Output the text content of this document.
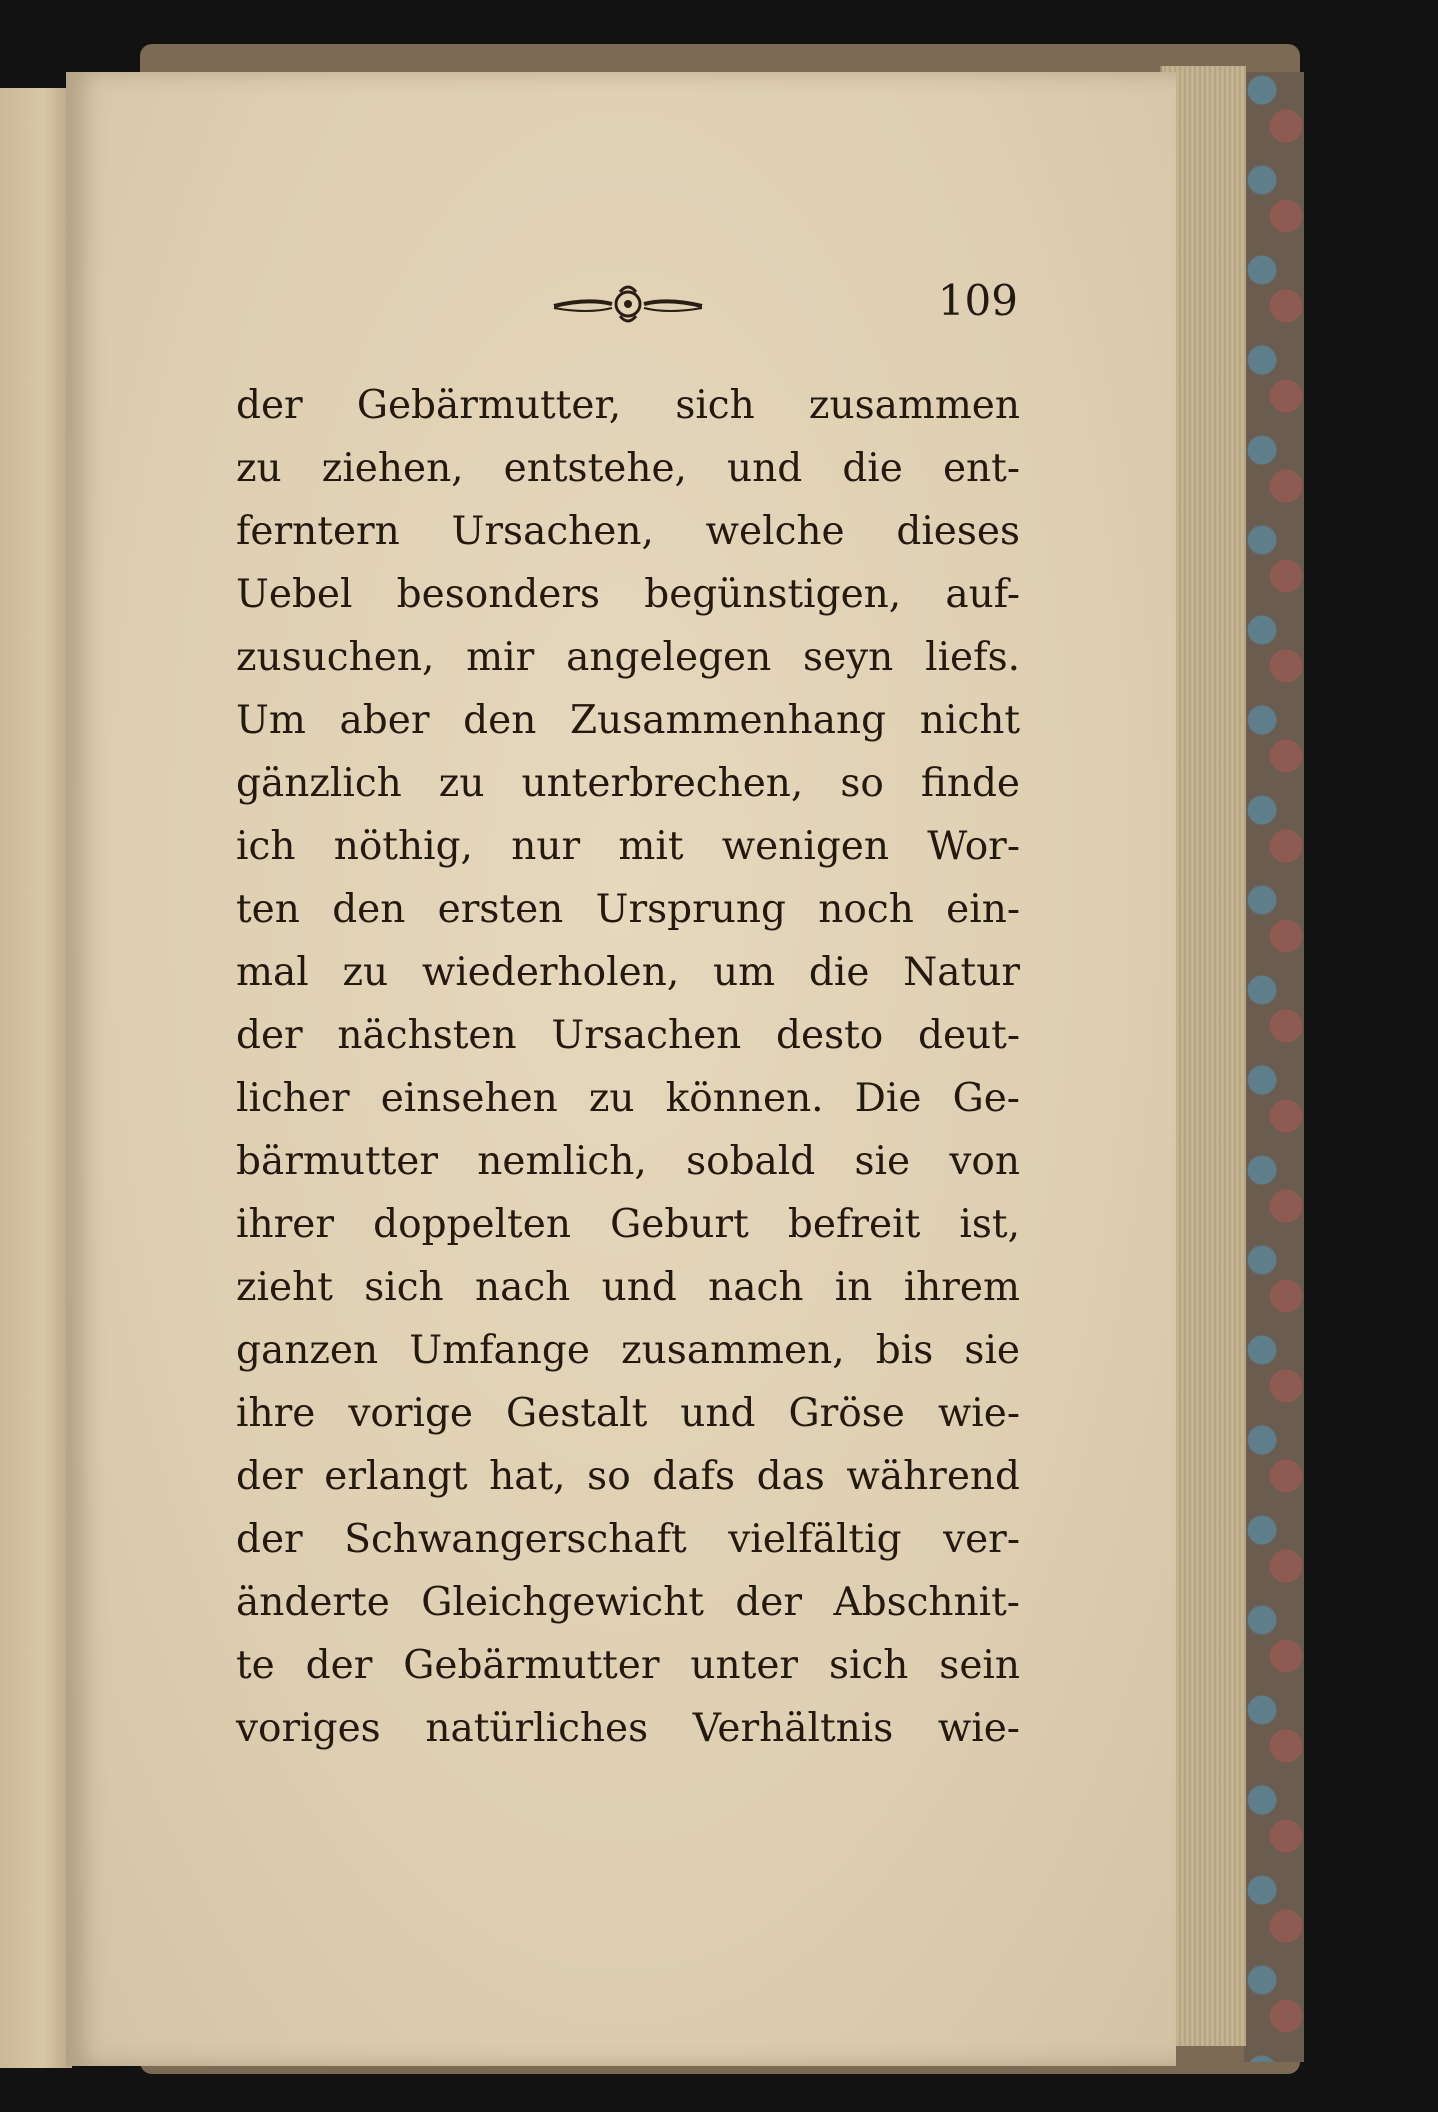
109
der Gebärmutter, sich zusammen
zu ziehen, entstehe, und die ent-
ferntern Ursachen, welche dieses
Uebel besonders begünstigen, auf-
zusuchen, mir angelegen seyn liefs.
Um aber den Zusammenhang nicht
gänzlich zu unterbrechen, so finde
ich nöthig, nur mit wenigen Wor-
ten den ersten Ursprung noch ein-
mal zu wiederholen, um die Natur
der nächsten Ursachen desto deut-
licher einsehen zu können. Die Ge-
bärmutter nemlich, sobald sie von
ihrer doppelten Geburt befreit ist,
zieht sich nach und nach in ihrem
ganzen Umfange zusammen, bis sie
ihre vorige Gestalt und Gröse wie-
der erlangt hat, so dafs das während
der Schwangerschaft vielfältig ver-
änderte Gleichgewicht der Abschnit-
te der Gebärmutter unter sich sein
voriges natürliches Verhältnis wie-
